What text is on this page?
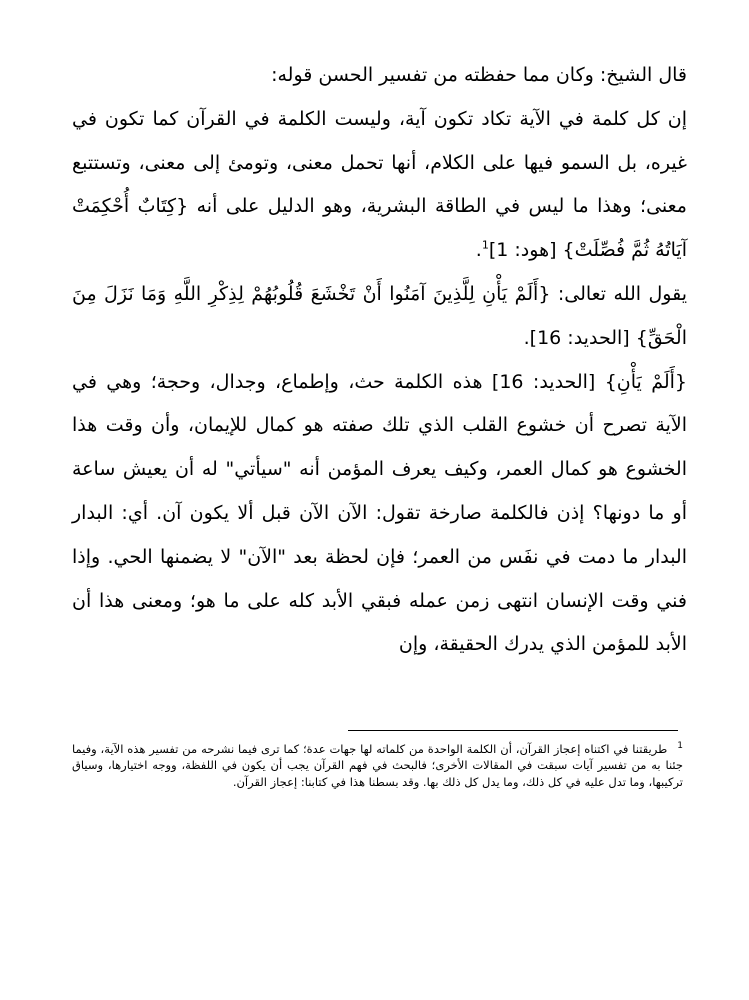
قال الشيخ: وكان مما حفظته من تفسير الحسن قوله:

إن كل كلمة في الآية تكاد تكون آية، وليست الكلمة في القرآن كما تكون في غيره، بل السمو فيها على الكلام، أنها تحمل معنى، وتومئ إلى معنى، وتستتبع معنى؛ وهذا ما ليس في الطاقة البشرية، وهو الدليل على أنه {كِتَابٌ أُحْكِمَتْ آيَاتُهُ ثُمَّ فُصِّلَتْ} [هود: 1]$^1$.

يقول الله تعالى: {أَلَمْ يَأْنِ لِلَّذِينَ آمَنُوا أَنْ تَخْشَعَ قُلُوبُهُمْ لِذِكْرِ اللَّهِ وَمَا نَزَلَ مِنَ الْحَقِّ} [الحديد: 16].

{أَلَمْ يَأْنِ} [الحديد: 16] هذه الكلمة حث، وإطماع، وجدال، وحجة؛ وهي في الآية تصرح أن خشوع القلب الذي تلك صفته هو كمال للإيمان، وأن وقت هذا الخشوع هو كمال العمر، وكيف يعرف المؤمن أنه "سيأتي" له أن يعيش ساعة أو ما دونها؟ إذن فالكلمة صارخة تقول: الآن الآن قبل ألا يكون آن. أي: البدار البدار ما دمت في نفَس من العمر؛ فإن لحظة بعد "الآن" لا يضمنها الحي. وإذا فني وقت الإنسان انتهى زمن عمله فبقي الأبد كله على ما هو؛ ومعنى هذا أن الأبد للمؤمن الذي يدرك الحقيقة، وإن

$^1$طريقتنا في اكتناه إعجاز القرآن، أن الكلمة الواحدة من كلماته لها جهات عدة؛ كما ترى فيما نشرحه من تفسير هذه الآية، وفيما جئنا به من تفسير آيات سبقت في المقالات الأخرى؛ فالبحث في فهم القرآن يجب أن يكون في اللفظة، ووجه اختيارها، وسياق تركيبها، وما تدل عليه في كل ذلك، وما يدل كل ذلك بها. وقد بسطنا هذا في كتابنا: إعجاز القرآن.
